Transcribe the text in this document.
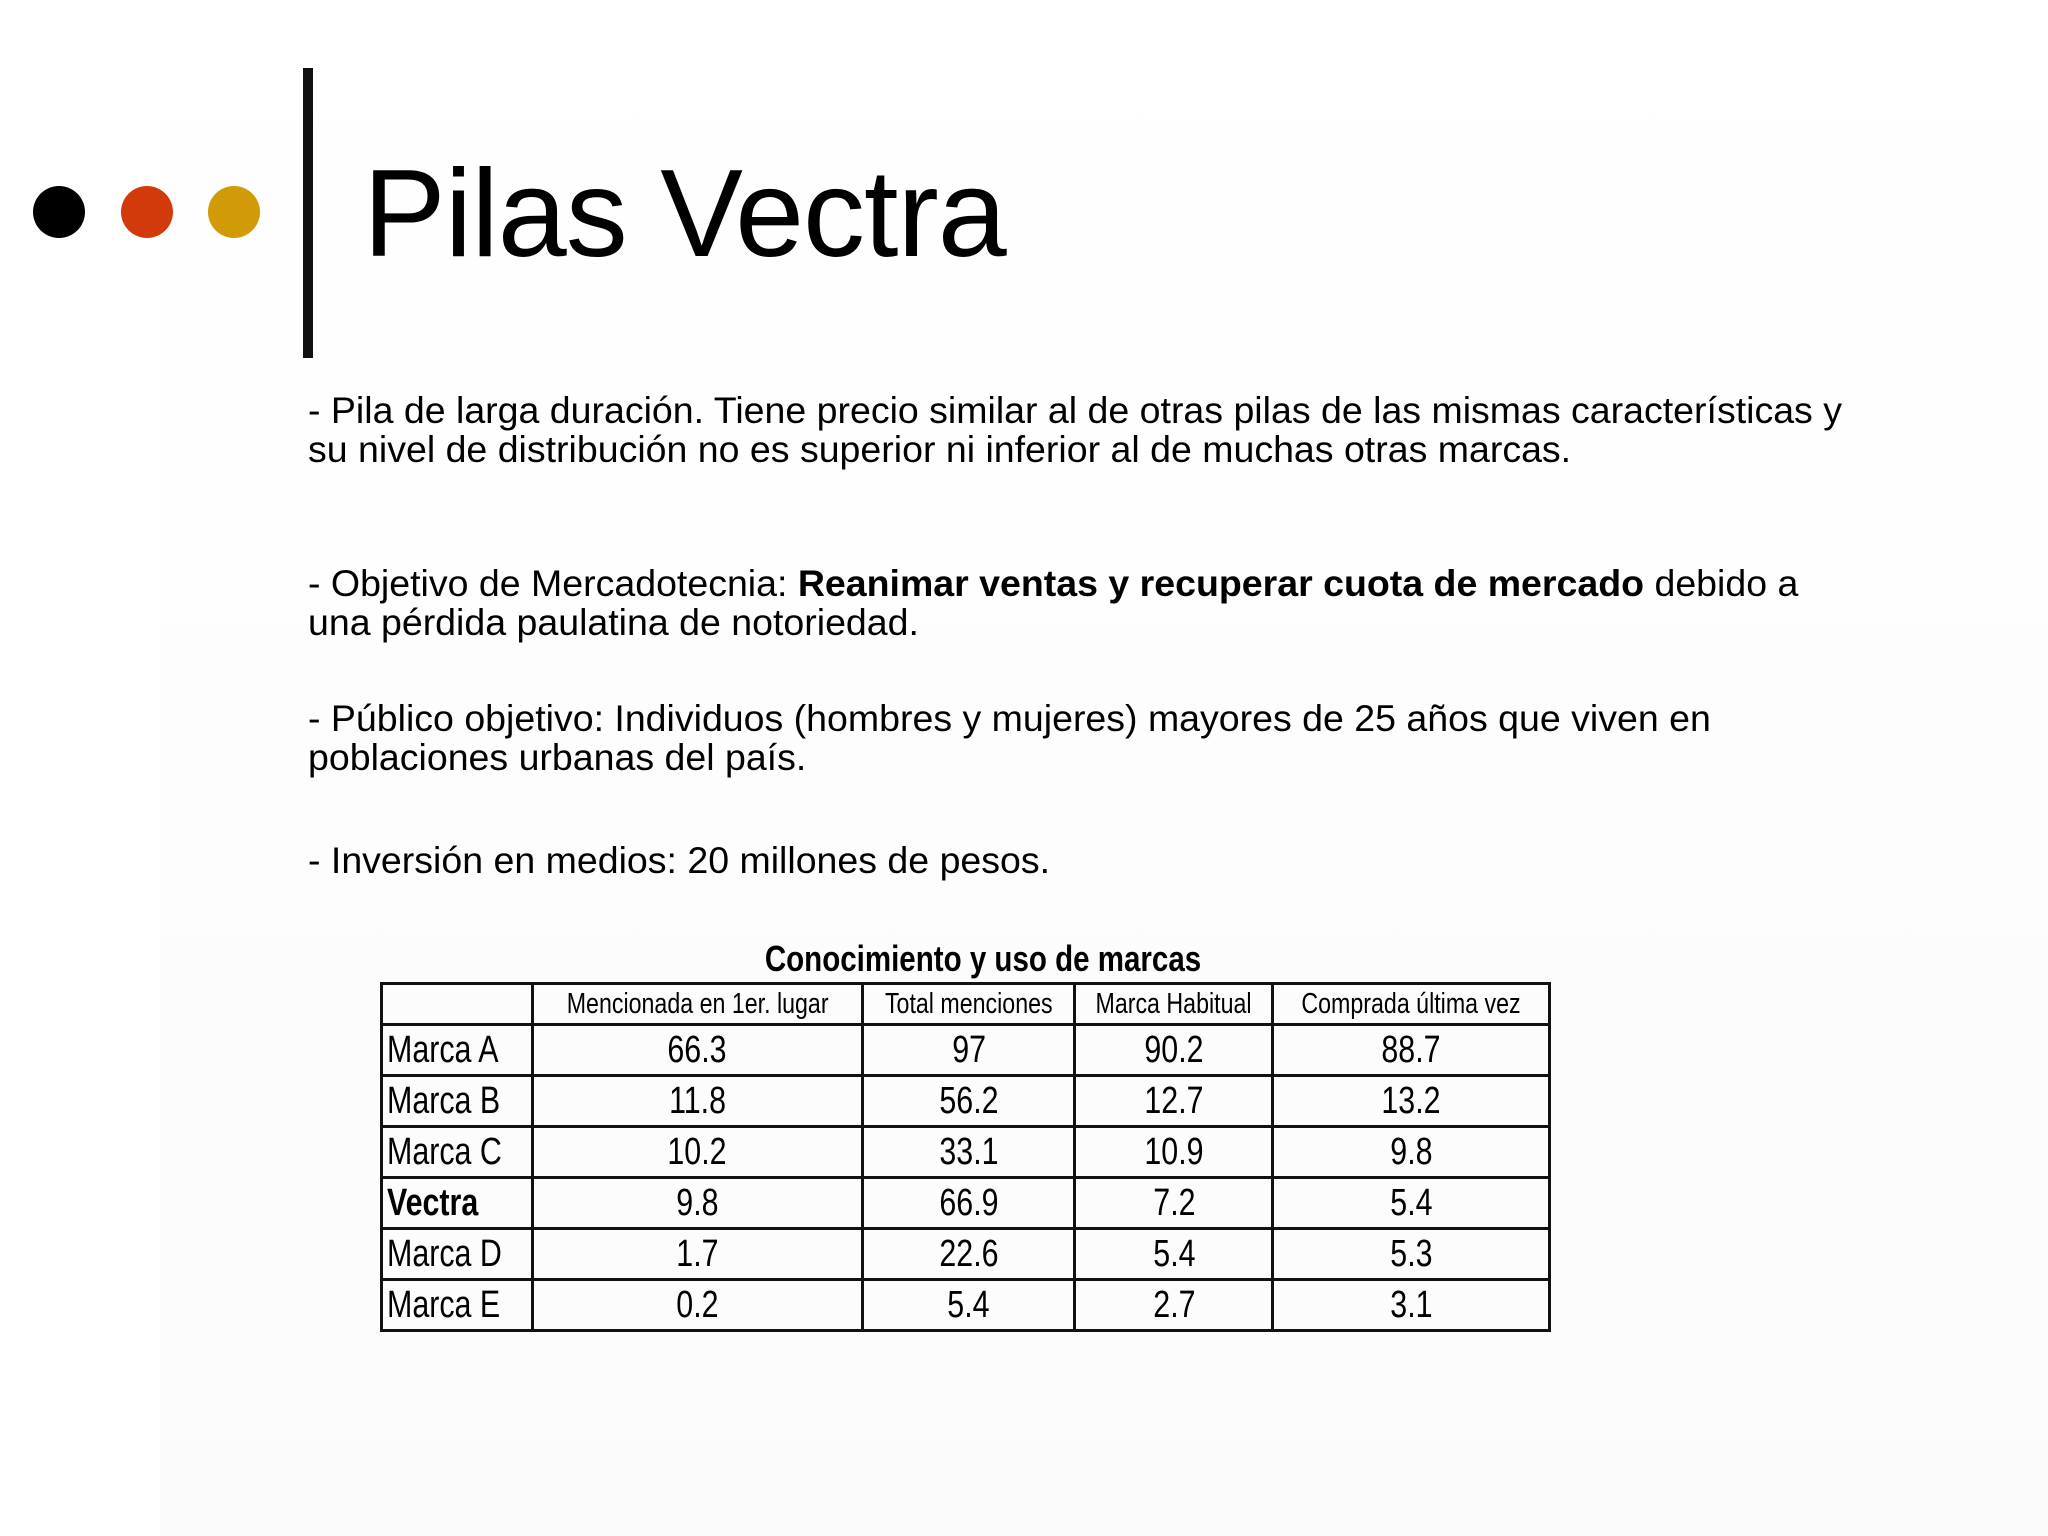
Pilas Vectra
- Pila de larga duración. Tiene precio similar al de otras pilas de las mismas características y su nivel de distribución no es superior ni inferior al de muchas otras marcas.
- Objetivo de Mercadotecnia: Reanimar ventas y recuperar cuota de mercado debido a una pérdida paulatina de notoriedad.
- Público objetivo: Individuos (hombres y mujeres) mayores de 25 años que viven en poblaciones urbanas del país.
- Inversión en medios: 20 millones de pesos.
Conocimiento y uso de marcas
	Mencionada en 1er. lugar	Total menciones	Marca Habitual	Comprada última vez
Marca A	66.3	97	90.2	88.7
Marca B	11.8	56.2	12.7	13.2
Marca C	10.2	33.1	10.9	9.8
Vectra	9.8	66.9	7.2	5.4
Marca D	1.7	22.6	5.4	5.3
Marca E	0.2	5.4	2.7	3.1
